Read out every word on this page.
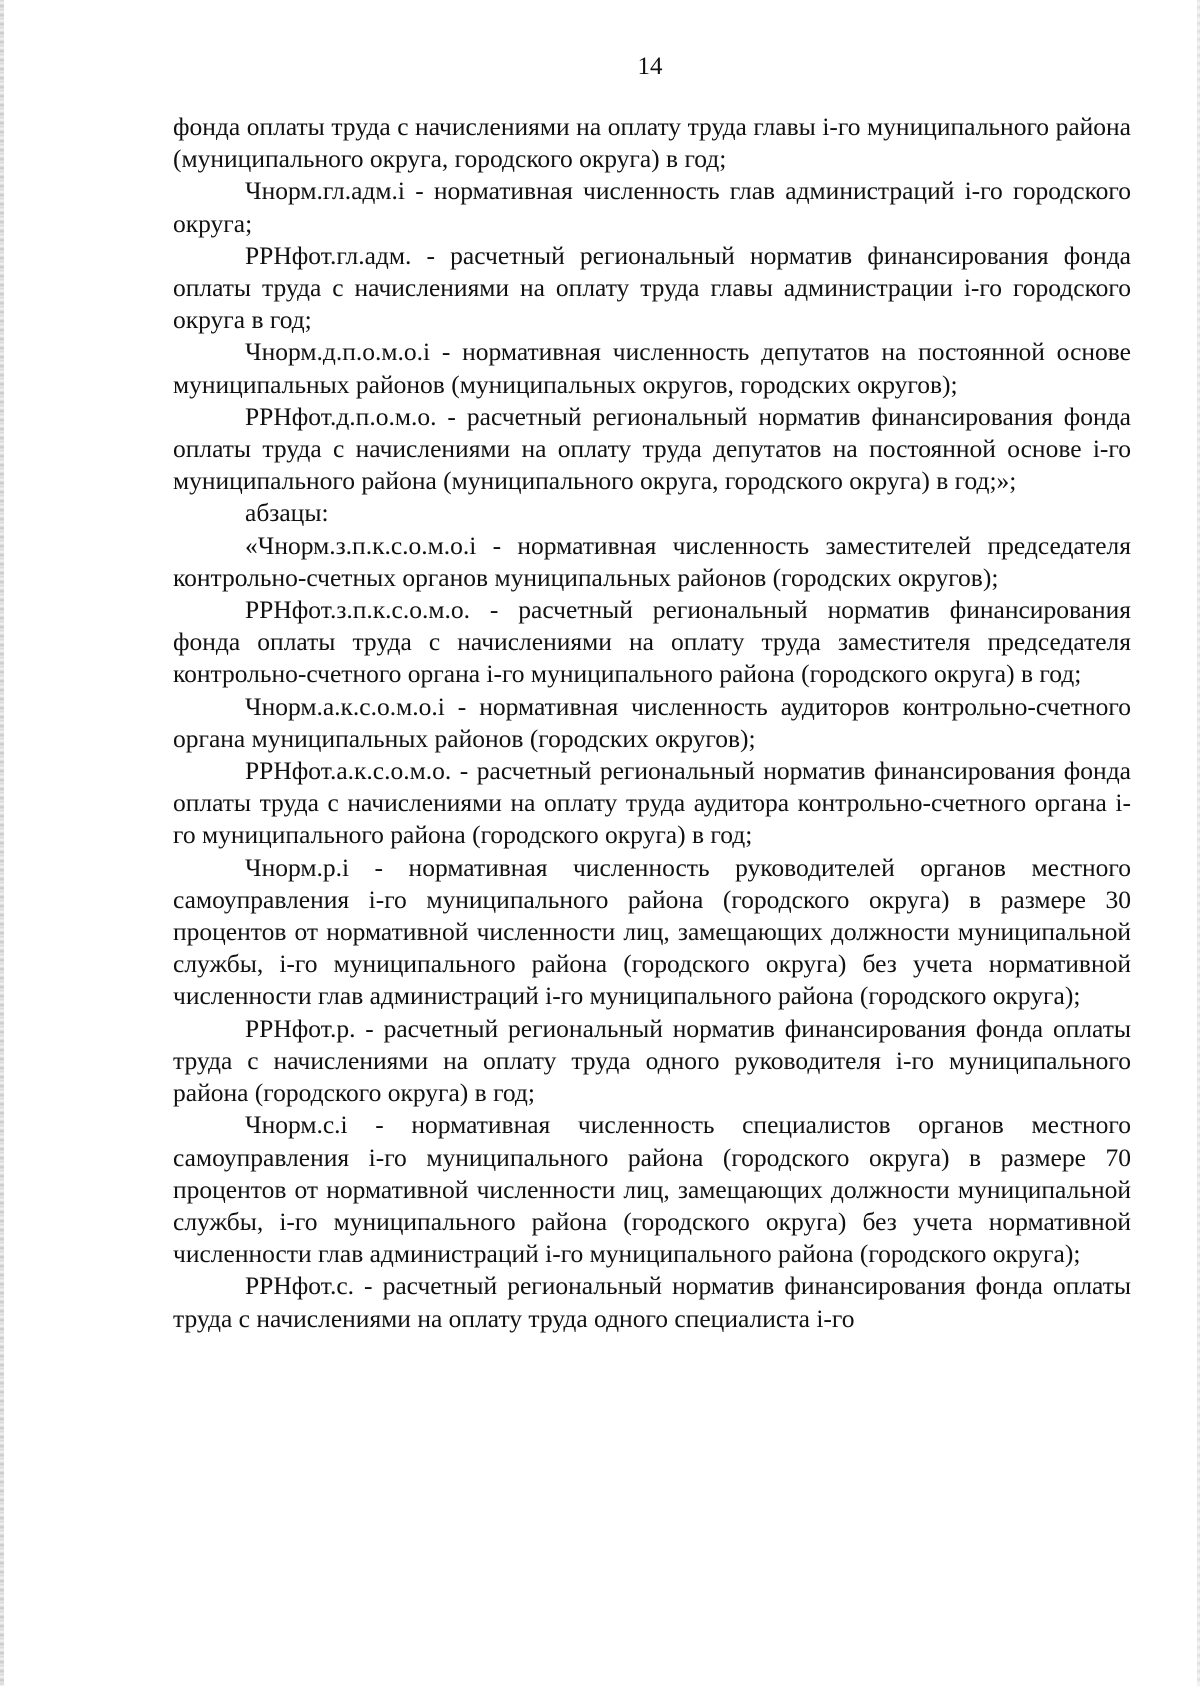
14

фонда оплаты труда с начислениями на оплату труда главы i-го муниципального района (муниципального округа, городского округа) в год;

Чнорм.гл.адм.i - нормативная численность глав администраций i-го городского округа;

РРНфот.гл.адм. - расчетный региональный норматив финансирования фонда оплаты труда с начислениями на оплату труда главы администрации i-го городского округа в год;

Чнорм.д.п.о.м.о.i - нормативная численность депутатов на постоянной основе муниципальных районов (муниципальных округов, городских округов);

РРНфот.д.п.о.м.о. - расчетный региональный норматив финансирования фонда оплаты труда с начислениями на оплату труда депутатов на постоянной основе i-го муниципального района (муниципального округа, городского округа) в год;»;

абзацы:

«Чнорм.з.п.к.с.о.м.о.i - нормативная численность заместителей председателя контрольно-счетных органов муниципальных районов (городских округов);

РРНфот.з.п.к.с.о.м.о. - расчетный региональный норматив финансирования фонда оплаты труда с начислениями на оплату труда заместителя председателя контрольно-счетного органа i-го муниципального района (городского округа) в год;

Чнорм.а.к.с.о.м.о.i - нормативная численность аудиторов контрольно-счетного органа муниципальных районов (городских округов);

РРНфот.а.к.с.о.м.о. - расчетный региональный норматив финансирования фонда оплаты труда с начислениями на оплату труда аудитора контрольно-счетного органа i-го муниципального района (городского округа) в год;

Чнорм.р.i - нормативная численность руководителей органов местного самоуправления i-го муниципального района (городского округа) в размере 30 процентов от нормативной численности лиц, замещающих должности муниципальной службы, i-го муниципального района (городского округа) без учета нормативной численности глав администраций i-го муниципального района (городского округа);

РРНфот.р. - расчетный региональный норматив финансирования фонда оплаты труда с начислениями на оплату труда одного руководителя i-го муниципального района (городского округа) в год;

Чнорм.с.i - нормативная численность специалистов органов местного самоуправления i-го муниципального района (городского округа) в размере 70 процентов от нормативной численности лиц, замещающих должности муниципальной службы, i-го муниципального района (городского округа) без учета нормативной численности глав администраций i-го муниципального района (городского округа);

РРНфот.с. - расчетный региональный норматив финансирования фонда оплаты труда с начислениями на оплату труда одного специалиста i-го
